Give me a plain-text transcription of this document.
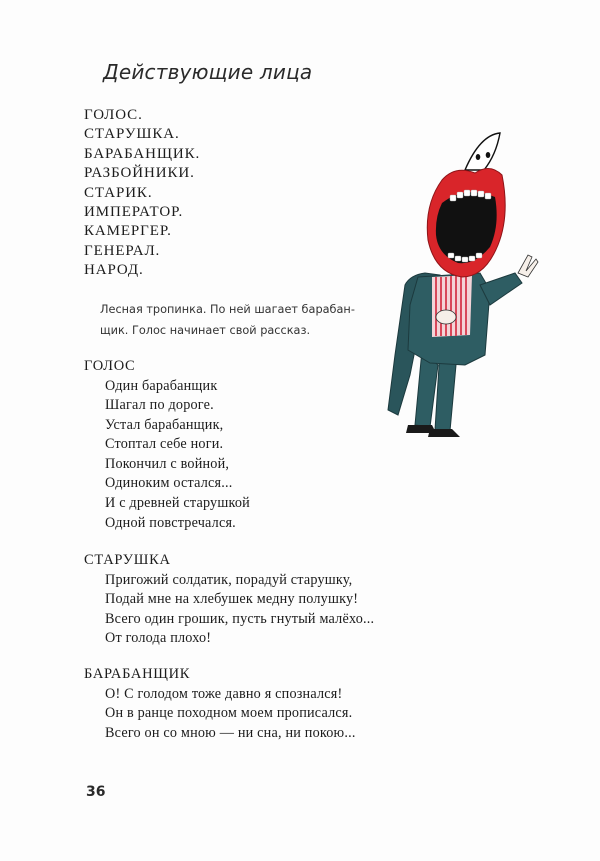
Действующие лица
ГОЛОС.
СТАРУШКА.
БАРАБАНЩИК.
РАЗБОЙНИКИ.
СТАРИК.
ИМПЕРАТОР.
КАМЕРГЕР.
ГЕНЕРАЛ.
НАРОД.
Лесная тропинка. По ней шагает барабан-
щик. Голос начинает свой рассказ.
ГОЛОС
Один барабанщик
Шагал по дороге.
Устал барабанщик,
Стоптал себе ноги.
Покончил с войной,
Одиноким остался...
И с древней старушкой
Одной повстречался.
СТАРУШКА
Пригожий солдатик, порадуй старушку,
Подай мне на хлебушек медну полушку!
Всего один грошик, пусть гнутый малёхо...
От голода плохо!
БАРАБАНЩИК
О! С голодом тоже давно я спознался!
Он в ранце походном моем прописался.
Всего он со мною — ни сна, ни покою...
36
